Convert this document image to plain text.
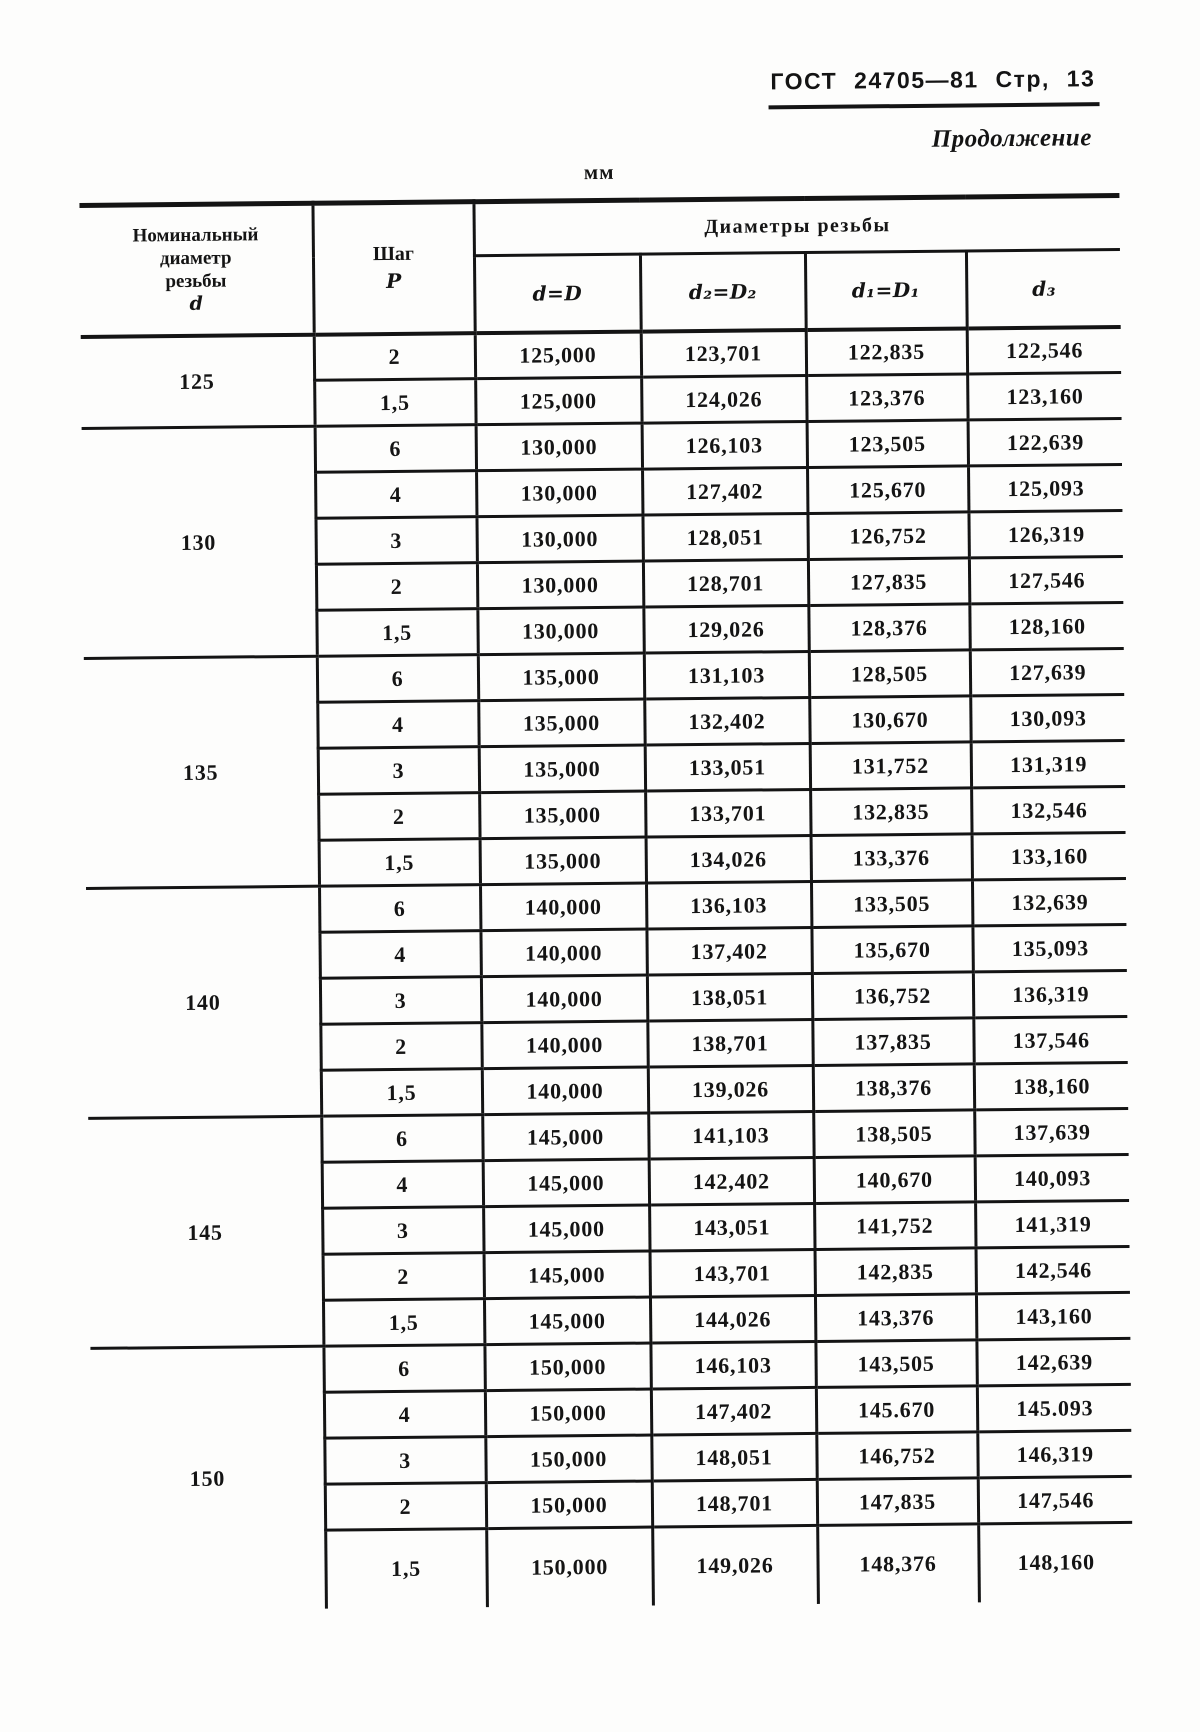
ГОСТ 24705—81 Стр, 13
Продолжение
мм
Номинальный
диаметр
резьбы
d

Шаг
P
	Диаметры резьбы
		d=D	d₂=D₂	d₁=D₁	d₃
125	2	125,000	123,701	122,835	122,546
	1,5	125,000	124,026	123,376	123,160
130	6	130,000	126,103	123,505	122,639
	4	130,000	127,402	125,670	125,093
	3	130,000	128,051	126,752	126,319
	2	130,000	128,701	127,835	127,546
	1,5	130,000	129,026	128,376	128,160
135	6	135,000	131,103	128,505	127,639
	4	135,000	132,402	130,670	130,093
	3	135,000	133,051	131,752	131,319
	2	135,000	133,701	132,835	132,546
	1,5	135,000	134,026	133,376	133,160
140	6	140,000	136,103	133,505	132,639
	4	140,000	137,402	135,670	135,093
	3	140,000	138,051	136,752	136,319
	2	140,000	138,701	137,835	137,546
	1,5	140,000	139,026	138,376	138,160
145	6	145,000	141,103	138,505	137,639
	4	145,000	142,402	140,670	140,093
	3	145,000	143,051	141,752	141,319
	2	145,000	143,701	142,835	142,546
	1,5	145,000	144,026	143,376	143,160
150	6	150,000	146,103	143,505	142,639
	4	150,000	147,402	145.670	145.093
	3	150,000	148,051	146,752	146,319
	2	150,000	148,701	147,835	147,546
	1,5	150,000	149,026	148,376	148,160
